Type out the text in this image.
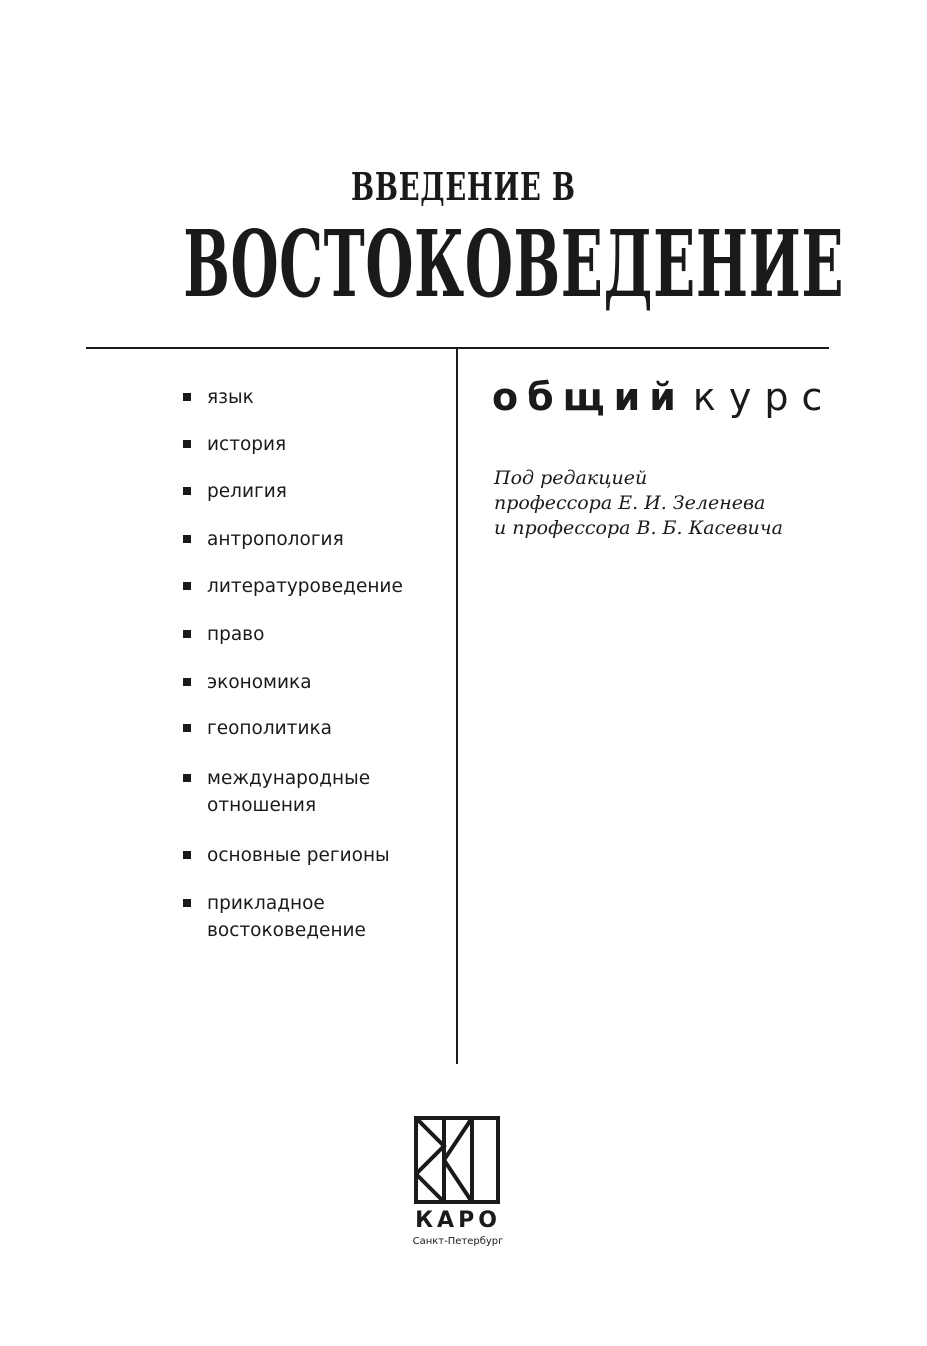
ВВЕДЕНИЕ В
ВОСТОКОВЕДЕНИЕ
язык
история
религия
антропология
литературоведение
право
экономика
геополитика
международные отношения
основные регионы
прикладное востоковедение
общий курс
Под редакцией
профессора Е. И. Зеленева
и профессора В. Б. Касевича
КАРО
Санкт-Петербург
